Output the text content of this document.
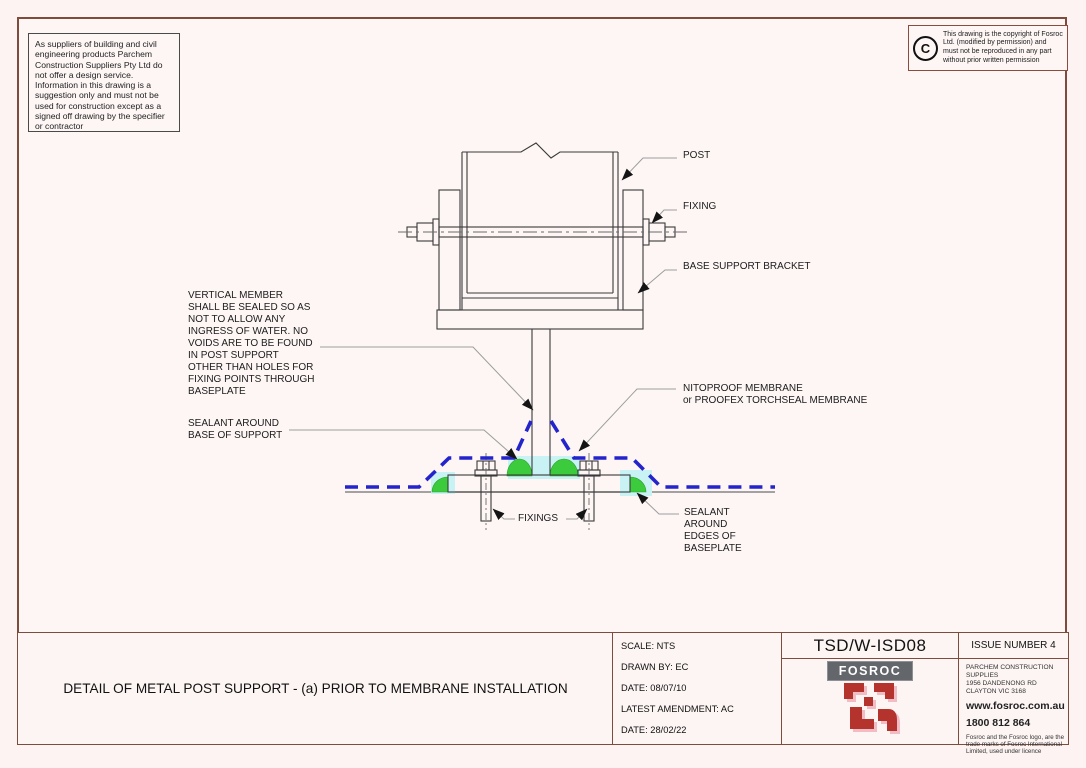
POST
FIXING
BASE SUPPORT BRACKET
NITOPROOF MEMBRANE
or PROOFEX TORCHSEAL MEMBRANE
VERTICAL MEMBER SHALL BE SEALED SO AS NOT TO ALLOW ANY INGRESS OF WATER. NO VOIDS ARE TO BE FOUND IN POST SUPPORT OTHER THAN HOLES FOR FIXING POINTS THROUGH BASEPLATE
SEALANT AROUND BASE OF SUPPORT
FIXINGS
SEALANT AROUND EDGES OF BASEPLATE
As suppliers of building and civil engineering products Parchem Construction Suppliers Pty Ltd do not offer a design service. Information in this drawing is a suggestion only and must not be used for construction except as a signed off drawing by the specifier or contractor
C
This drawing is the copyright of Fosroc Ltd. (modified by permission) and must not be reproduced in any part without prior written permission
DETAIL OF METAL POST SUPPORT - (a) PRIOR TO MEMBRANE INSTALLATION
SCALE: NTS
DRAWN BY: EC
DATE: 08/07/10
LATEST AMENDMENT: AC
DATE: 28/02/22
TSD/W-ISD08	ISSUE NUMBER 4
FOSROC	PARCHEM CONSTRUCTION SUPPLIES
1956 DANDENONG RD CLAYTON VIC 3168
www.fosroc.com.au
1800 812 864
Fosroc and the Fosroc logo, are the trade marks of Fosroc International Limited, used under licence
